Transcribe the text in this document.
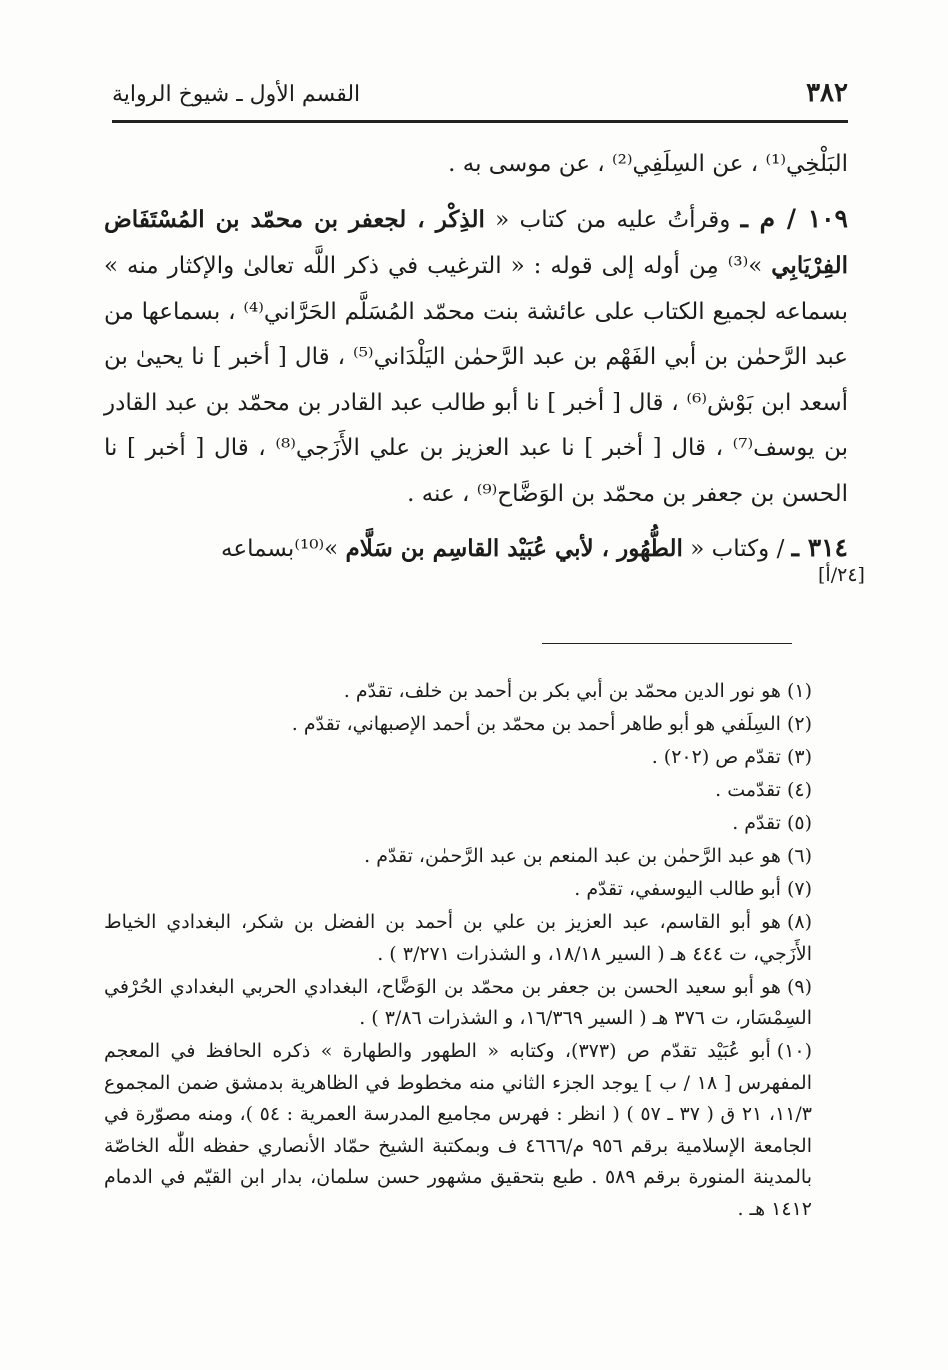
٣٨٢
القسم الأول ـ شيوخ الرواية

البَلْخِي⁽¹⁾ ، عن السِلَفِي⁽²⁾ ، عن موسى به .

١٠٩ / م ـ وقرأتُ عليه من كتاب « الذِكْر ، لجعفر بن محمّد بن المُسْتَفَاض الفِرْيَابِي »⁽³⁾ مِن أوله إلى قوله : « الترغيب في ذكر اللَّه تعالىٰ والإكثار منه » بسماعه لجميع الكتاب على عائشة بنت محمّد المُسَلَّم الحَرَّاني⁽⁴⁾ ، بسماعها من عبد الرَّحمٰن بن أبي الفَهْم بن عبد الرَّحمٰن اليَلْدَاني⁽⁵⁾ ، قال [ أخبر ] نا يحيىٰ بن أسعد ابن بَوْش⁽⁶⁾ ، قال [ أخبر ] نا أبو طالب عبد القادر بن محمّد بن عبد القادر بن يوسف⁽⁷⁾ ، قال [ أخبر ] نا عبد العزيز بن علي الأَزَجي⁽⁸⁾ ، قال [ أخبر ] نا الحسن بن جعفر بن محمّد بن الوَضَّاح⁽⁹⁾ ، عنه .

٣١٤ ـ / وكتاب « الطُّهُور ، لأبي عُبَيْد القاسِم بن سَلَّام »⁽¹⁰⁾بسماعه

[٢٤/أ]

(١)هو نور الدين محمّد بن أبي بكر بن أحمد بن خلف، تقدّم .

(٢)السِلَفي هو أبو طاهر أحمد بن محمّد بن أحمد الإصبهاني، تقدّم .

(٣)تقدّم ص (٢٠٢) .

(٤)تقدّمت .

(٥)تقدّم .

(٦)هو عبد الرَّحمٰن بن عبد المنعم بن عبد الرَّحمٰن، تقدّم .

(٧)أبو طالب اليوسفي، تقدّم .

(٨)هو أبو القاسم، عبد العزيز بن علي بن أحمد بن الفضل بن شكر، البغدادي الخياط الأَزَجي، ت ٤٤٤ هـ ( السير ١٨/١٨، و الشذرات ٣/٢٧١ ) .

(٩)هو أبو سعيد الحسن بن جعفر بن محمّد بن الوَضَّاح، البغدادي الحربي البغدادي الحُرْفي السِمْسَار، ت ٣٧٦ هـ ( السير ١٦/٣٦٩، و الشذرات ٣/٨٦ ) .

(١٠)أبو عُبَيْد تقدّم ص (٣٧٣)، وكتابه « الطهور والطهارة » ذكره الحافظ في المعجم المفهرس [ ١٨ / ب ] يوجد الجزء الثاني منه مخطوط في الظاهرية بدمشق ضمن المجموع ١١/٣، ٢١ ق ( ٣٧ ـ ٥٧ ) ( انظر : فهرس مجاميع المدرسة العمرية : ٥٤ )، ومنه مصوّرة في الجامعة الإسلامية برقم ٩٥٦ م/٤٦٦٦ ف وبمكتبة الشيخ حمّاد الأنصاري حفظه اللّٰه الخاصّة بالمدينة المنورة برقم ٥٨٩ . طبع بتحقيق مشهور حسن سلمان، بدار ابن القيّم في الدمام ١٤١٢ هـ .
